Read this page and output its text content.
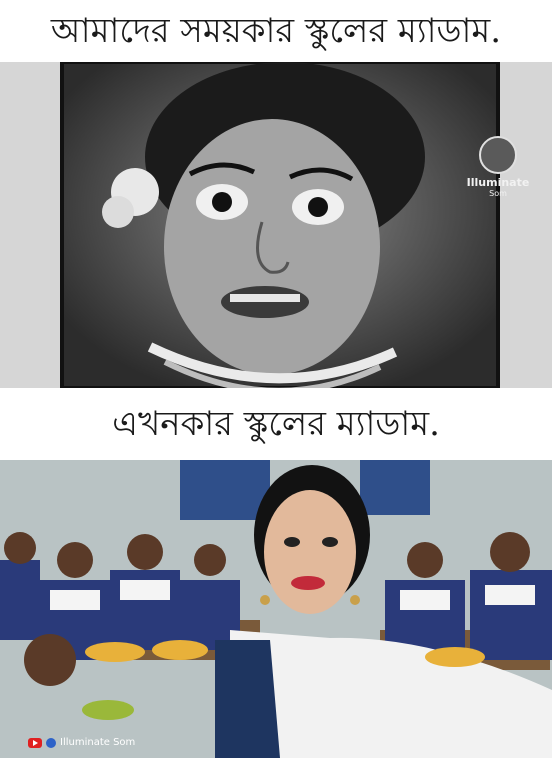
আমাদের সময়কার স্কুলের ম্যাডাম.
Illuminate
Som
এখনকার স্কুলের ম্যাডাম.
Illuminate Som
